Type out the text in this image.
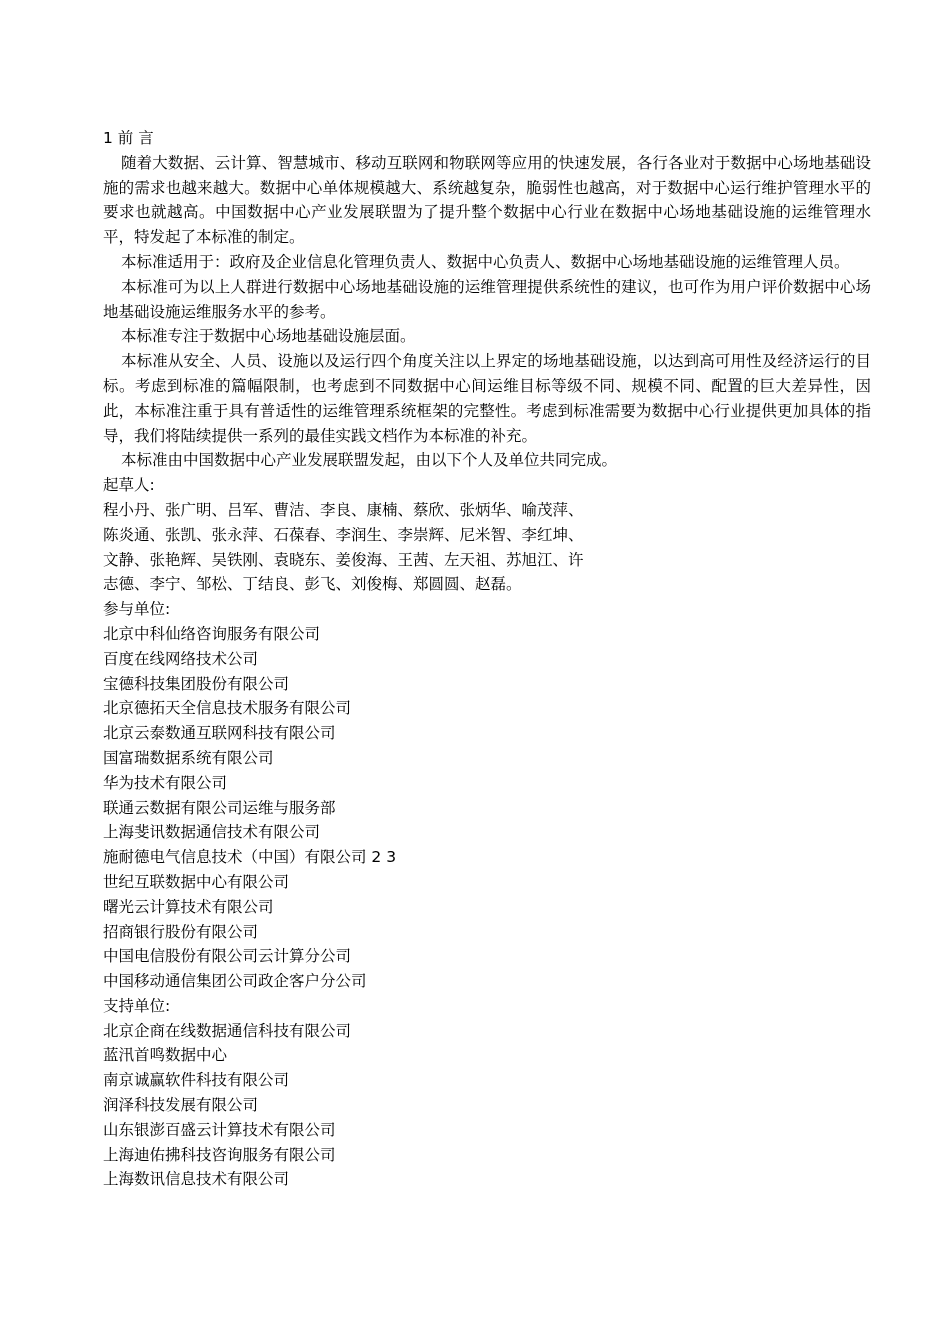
1 前 言
随着大数据、云计算、智慧城市、移动互联网和物联网等应用的快速发展，各行各业对于数据中心场地基础设施的需求也越来越大。数据中心单体规模越大、系统越复杂，脆弱性也越高，对于数据中心运行维护管理水平的要求也就越高。中国数据中心产业发展联盟为了提升整个数据中心行业在数据中心场地基础设施的运维管理水平，特发起了本标准的制定。
本标准适用于：政府及企业信息化管理负责人、数据中心负责人、数据中心场地基础设施的运维管理人员。
本标准可为以上人群进行数据中心场地基础设施的运维管理提供系统性的建议，也可作为用户评价数据中心场地基础设施运维服务水平的参考。
本标准专注于数据中心场地基础设施层面。
本标准从安全、人员、设施以及运行四个角度关注以上界定的场地基础设施，以达到高可用性及经济运行的目标。考虑到标准的篇幅限制，也考虑到不同数据中心间运维目标等级不同、规模不同、配置的巨大差异性，因此，本标准注重于具有普适性的运维管理系统框架的完整性。考虑到标准需要为数据中心行业提供更加具体的指导，我们将陆续提供一系列的最佳实践文档作为本标准的补充。
本标准由中国数据中心产业发展联盟发起，由以下个人及单位共同完成。
起草人:
程小丹、张广明、吕军、曹洁、李良、康楠、蔡欣、张炳华、喻茂萍、
陈炎通、张凯、张永萍、石葆春、李润生、李崇辉、尼米智、李红坤、
文静、张艳辉、吴铁刚、袁晓东、姜俊海、王茜、左天祖、苏旭江、许
志德、李宁、邹松、丁结良、彭飞、刘俊梅、郑圆圆、赵磊。
参与单位:
北京中科仙络咨询服务有限公司
百度在线网络技术公司
宝德科技集团股份有限公司
北京德拓天全信息技术服务有限公司
北京云泰数通互联网科技有限公司
国富瑞数据系统有限公司
华为技术有限公司
联通云数据有限公司运维与服务部
上海斐讯数据通信技术有限公司
施耐德电气信息技术（中国）有限公司 2 3
世纪互联数据中心有限公司
曙光云计算技术有限公司
招商银行股份有限公司
中国电信股份有限公司云计算分公司
中国移动通信集团公司政企客户分公司
支持单位:
北京企商在线数据通信科技有限公司
蓝汛首鸣数据中心
南京诚赢软件科技有限公司
润泽科技发展有限公司
山东银澎百盛云计算技术有限公司
上海迪佑拂科技咨询服务有限公司
上海数讯信息技术有限公司
